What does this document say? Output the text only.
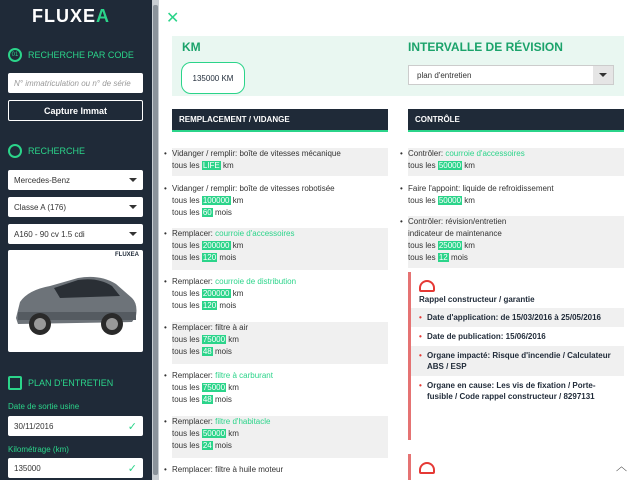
FLUXEA
01	RECHERCHE PAR CODE
N° immatriculation ou n° de série
Capture Immat
RECHERCHE
Mercedes-Benz
Classe A (176)
A160 - 90 cv 1.5 cdi
FLUXEA
PLAN D'ENTRETIEN
Date de sortie usine
30/11/2016	✓
Kilométrage (km)
135000	✓
✕
KM
135000 KM
INTERVALLE DE RÉVISION
plan d'entretien
REMPLACEMENT / VIDANGE	CONTRÔLE
• Vidanger / remplir: boîte de vitesses mécanique
tous les LIFE km
• Vidanger / remplir: boîte de vitesses robotisée
tous les 100000 km
tous les 60 mois
• Remplacer: courroie d'accessoires
tous les 200000 km
tous les 120 mois
• Remplacer: courroie de distribution
tous les 200000 km
tous les 120 mois
• Remplacer: filtre à air
tous les 75000 km
tous les 48 mois
• Remplacer: filtre à carburant
tous les 75000 km
tous les 48 mois
• Remplacer: filtre d'habitacle
tous les 50000 km
tous les 24 mois
• Remplacer: filtre à huile moteur
• Contrôler: courroie d'accessoires
tous les 50000 km
• Faire l'appoint: liquide de refroidissement
tous les 50000 km
• Contrôler: révision/entretien
indicateur de maintenance
tous les 25000 km
tous les 12 mois
Rappel constructeur / garantie
• Date d'application: de 15/03/2016 à 25/05/2016
• Date de publication: 15/06/2016
• Organe impacté: Risque d'incendie / Calculateur ABS / ESP
• Organe en cause: Les vis de fixation / Porte-fusible / Code rappel constructeur / 8297131
︿
